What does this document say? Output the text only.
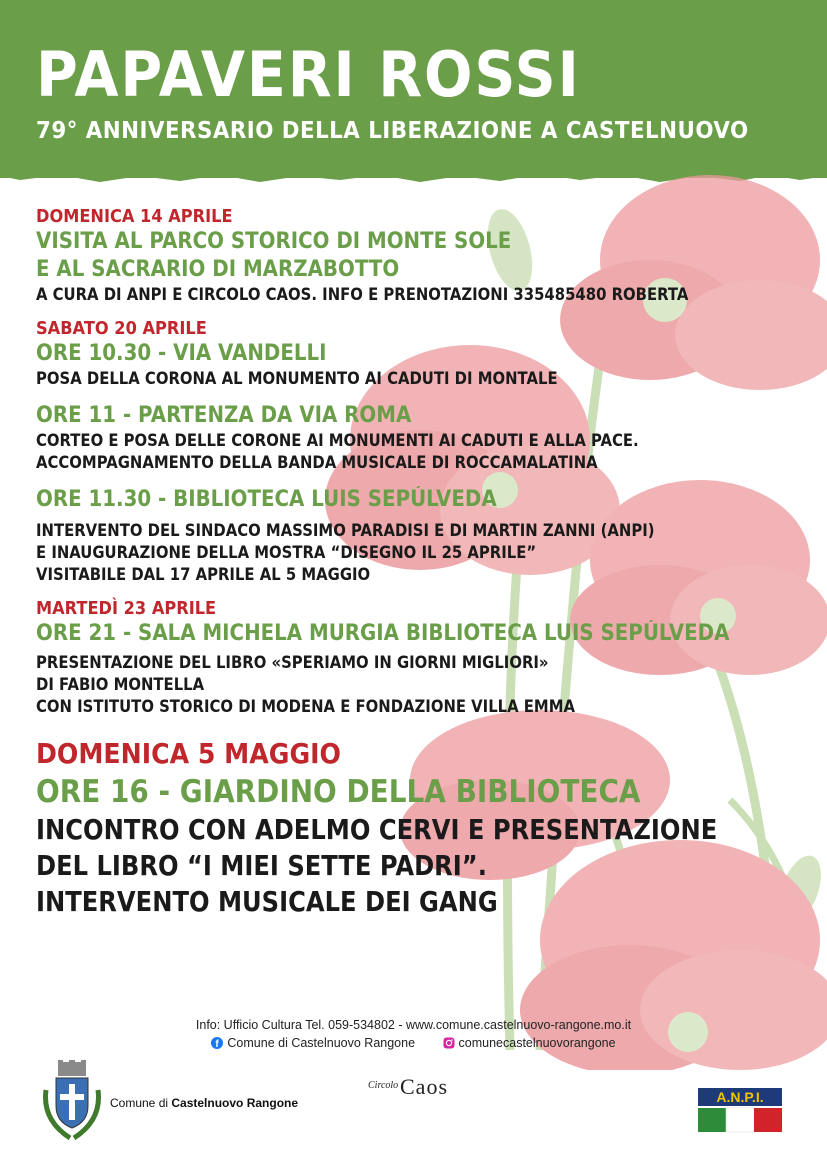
PAPAVERI ROSSI
79° ANNIVERSARIO DELLA LIBERAZIONE A CASTELNUOVO
DOMENICA 14 APRILE
VISITA AL PARCO STORICO DI MONTE SOLE
E AL SACRARIO DI MARZABOTTO
A CURA DI ANPI E CIRCOLO CAOS. INFO E PRENOTAZIONI 335485480 ROBERTA
SABATO 20 APRILE
ORE 10.30 - VIA VANDELLI
POSA DELLA CORONA AL MONUMENTO AI CADUTI DI MONTALE
ORE 11 - PARTENZA DA VIA ROMA
CORTEO E POSA DELLE CORONE AI MONUMENTI AI CADUTI E ALLA PACE.
ACCOMPAGNAMENTO DELLA BANDA MUSICALE DI ROCCAMALATINA
ORE 11.30 - BIBLIOTECA LUIS SEPÚLVEDA
INTERVENTO DEL SINDACO MASSIMO PARADISI E DI MARTIN ZANNI (ANPI)
E INAUGURAZIONE DELLA MOSTRA “DISEGNO IL 25 APRILE”
VISITABILE DAL 17 APRILE AL 5 MAGGIO
MARTEDÌ 23 APRILE
ORE 21 - SALA MICHELA MURGIA BIBLIOTECA LUIS SEPÚLVEDA
PRESENTAZIONE DEL LIBRO «SPERIAMO IN GIORNI MIGLIORI»
DI FABIO MONTELLA
CON ISTITUTO STORICO DI MODENA E FONDAZIONE VILLA EMMA
DOMENICA 5 MAGGIO
ORE 16 - GIARDINO DELLA BIBLIOTECA
INCONTRO CON ADELMO CERVI E PRESENTAZIONE
DEL LIBRO “I MIEI SETTE PADRI”.
INTERVENTO MUSICALE DEI GANG
Info: Ufficio Cultura Tel. 059-534802 - www.comune.castelnuovo-rangone.mo.it
f Comune di Castelnuovo Rangone
	comunecastelnuovorangone
Comune di Castelnuovo Rangone
Circolo Caos	A.N.P.I.
